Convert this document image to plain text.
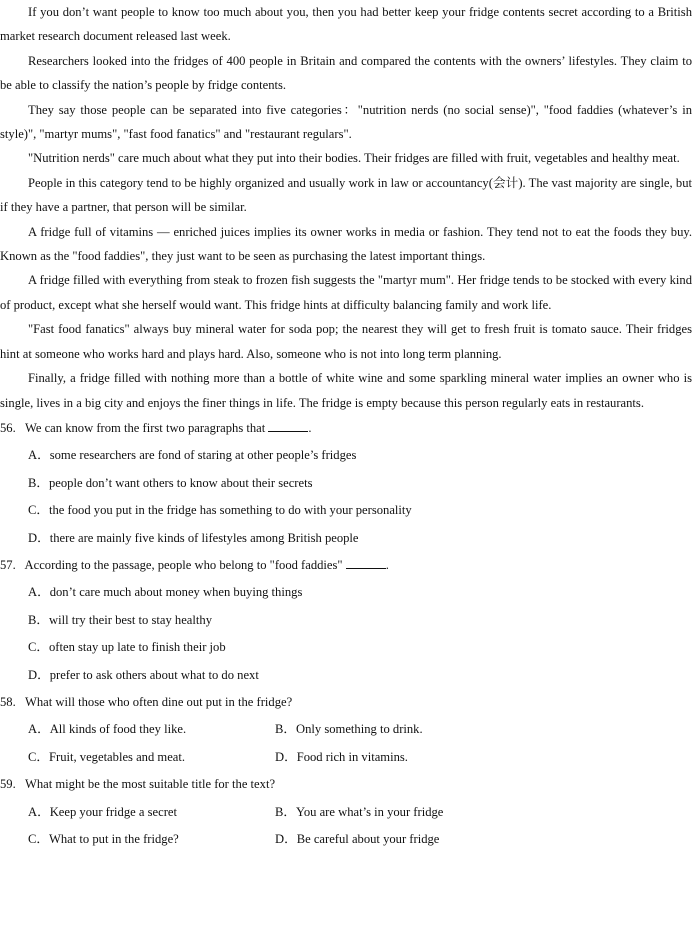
If you don’t want people to know too much about you, then you had better keep your fridge contents secret according to a British market research document released last week.

Researchers looked into the fridges of 400 people in Britain and compared the contents with the owners’ lifestyles. They claim to be able to classify the nation’s people by fridge contents.

They say those people can be separated into five categories："nutrition nerds (no social sense)", "food faddies (whatever’s in style)", "martyr mums", "fast food fanatics" and "restaurant regulars".

"Nutrition nerds" care much about what they put into their bodies. Their fridges are filled with fruit, vegetables and healthy meat.

People in this category tend to be highly organized and usually work in law or accountancy(会计). The vast majority are single, but if they have a partner, that person will be similar.

A fridge full of vitamins — enriched juices implies its owner works in media or fashion. They tend not to eat the foods they buy. Known as the "food faddies", they just want to be seen as purchasing the latest important things.

A fridge filled with everything from steak to frozen fish suggests the "martyr mum". Her fridge tends to be stocked with every kind of product, except what she herself would want. This fridge hints at difficulty balancing family and work life.

"Fast food fanatics" always buy mineral water for soda pop; the nearest they will get to fresh fruit is tomato sauce. Their fridges hint at someone who works hard and plays hard. Also, someone who is not into long term planning.

Finally, a fridge filled with nothing more than a bottle of white wine and some sparkling mineral water implies an owner who is single, lives in a big city and enjoys the finer things in life. The fridge is empty because this person regularly eats in restaurants.

56. We can know from the first two paragraphs that	.
A．some researchers are fond of staring at other people’s fridges
B．people don’t want others to know about their secrets
C．the food you put in the fridge has something to do with your personality
D．there are mainly five kinds of lifestyles among British people
57. According to the passage, people who belong to "food faddies"	.
A．don’t care much about money when buying things
B．will try their best to stay healthy
C．often stay up late to finish their job
D．prefer to ask others about what to do next
58. What will those who often dine out put in the fridge?
A．All kinds of food they like.	B．Only something to drink.
C．Fruit, vegetables and meat.	D．Food rich in vitamins.
59. What might be the most suitable title for the text?
A．Keep your fridge a secret	B．You are what’s in your fridge
C．What to put in the fridge?	D．Be careful about your fridge
